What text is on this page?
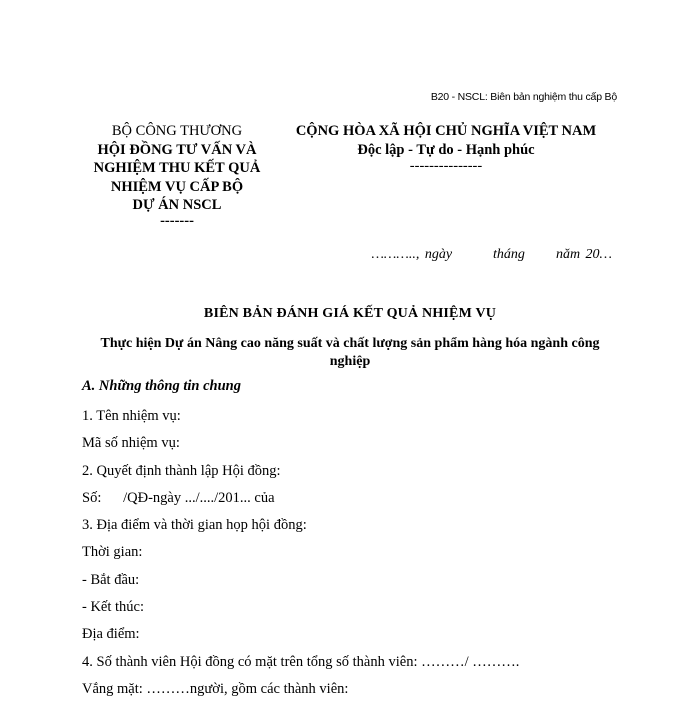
B20 - NSCL: Biên bản nghiệm thu cấp Bộ
BỘ CÔNG THƯƠNG
HỘI ĐỒNG TƯ VẤN VÀ
NGHIỆM THU KẾT QUẢ
NHIỆM VỤ CẤP BỘ
DỰ ÁN NSCL
-------
CỘNG HÒA XÃ HỘI CHỦ NGHĨA VIỆT NAM
Độc lập - Tự do - Hạnh phúc
---------------
……….., ngày	tháng năm 20…
BIÊN BẢN ĐÁNH GIÁ KẾT QUẢ NHIỆM VỤ
Thực hiện Dự án Nâng cao năng suất và chất lượng sản phẩm hàng hóa ngành công nghiệp
A. Những thông tin chung
1. Tên nhiệm vụ:
Mã số nhiệm vụ:
2. Quyết định thành lập Hội đồng:
Số:      /QĐ-ngày .../..../201... của
3. Địa điểm và thời gian họp hội đồng:
Thời gian:
- Bắt đầu:
- Kết thúc:
Địa điểm:
4. Số thành viên Hội đồng có mặt trên tổng số thành viên: ………/ ……….
Vắng mặt: ………người, gồm các thành viên:
